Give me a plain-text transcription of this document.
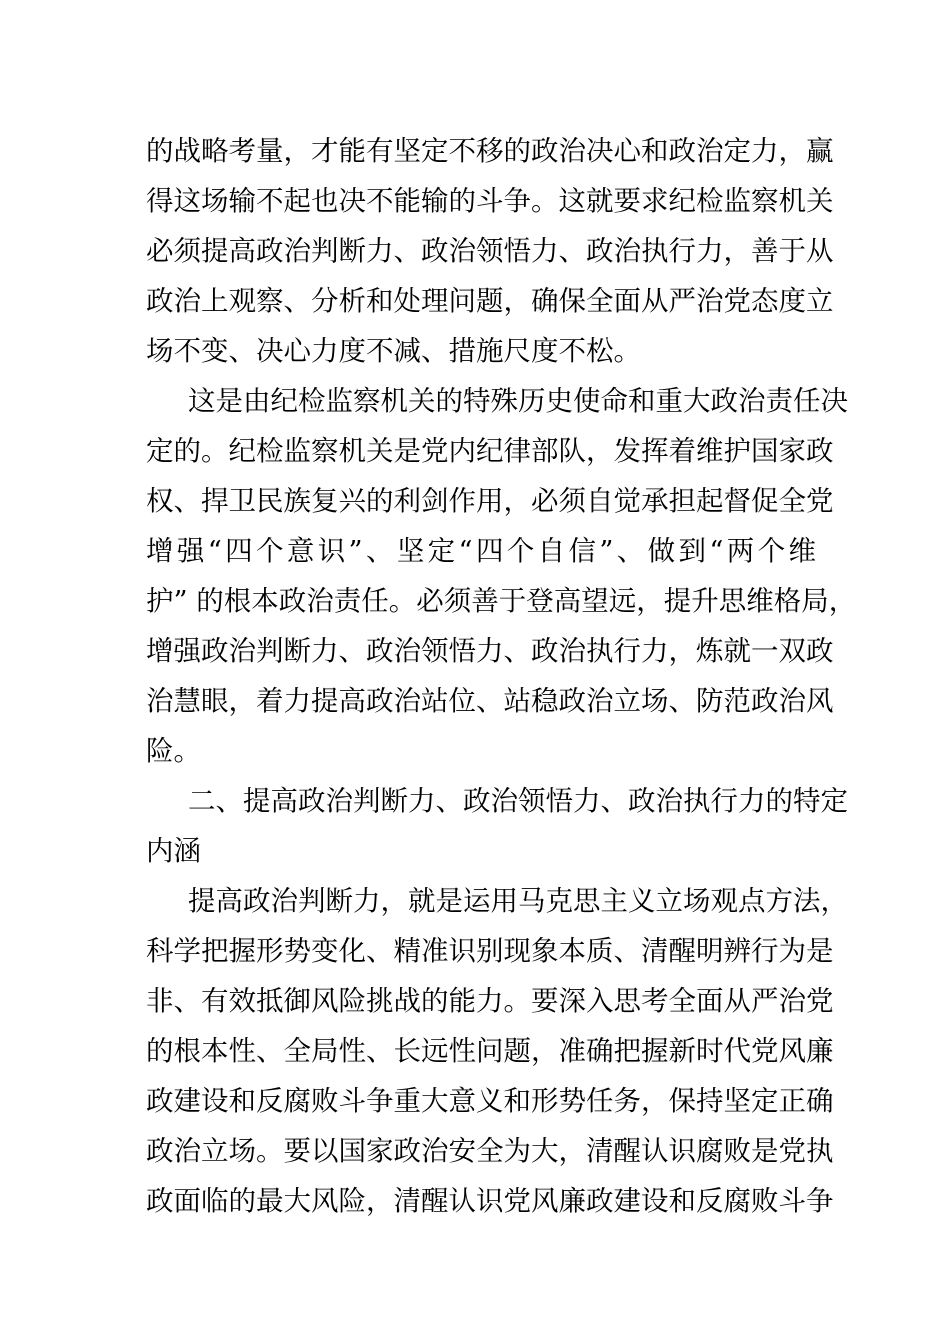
的战略考量，才能有坚定不移的政治决心和政治定力，赢
得这场输不起也决不能输的斗争。这就要求纪检监察机关
必须提高政治判断力、政治领悟力、政治执行力，善于从
政治上观察、分析和处理问题，确保全面从严治党态度立
场不变、决心力度不减、措施尺度不松。
这是由纪检监察机关的特殊历史使命和重大政治责任决
定的。纪检监察机关是党内纪律部队，发挥着维护国家政
权、捍卫民族复兴的利剑作用，必须自觉承担起督促全党
增强“四个意识”、坚定“四个自信”、做到“两个维
护” 的根本政治责任。必须善于登高望远，提升思维格局，
增强政治判断力、政治领悟力、政治执行力，炼就一双政
治慧眼，着力提高政治站位、站稳政治立场、防范政治风
险。
二、提高政治判断力、政治领悟力、政治执行力的特定
内涵
提高政治判断力，就是运用马克思主义立场观点方法，
科学把握形势变化、精准识别现象本质、清醒明辨行为是
非、有效抵御风险挑战的能力。要深入思考全面从严治党
的根本性、全局性、长远性问题，准确把握新时代党风廉
政建设和反腐败斗争重大意义和形势任务，保持坚定正确
政治立场。要以国家政治安全为大，清醒认识腐败是党执
政面临的最大风险，清醒认识党风廉政建设和反腐败斗争
